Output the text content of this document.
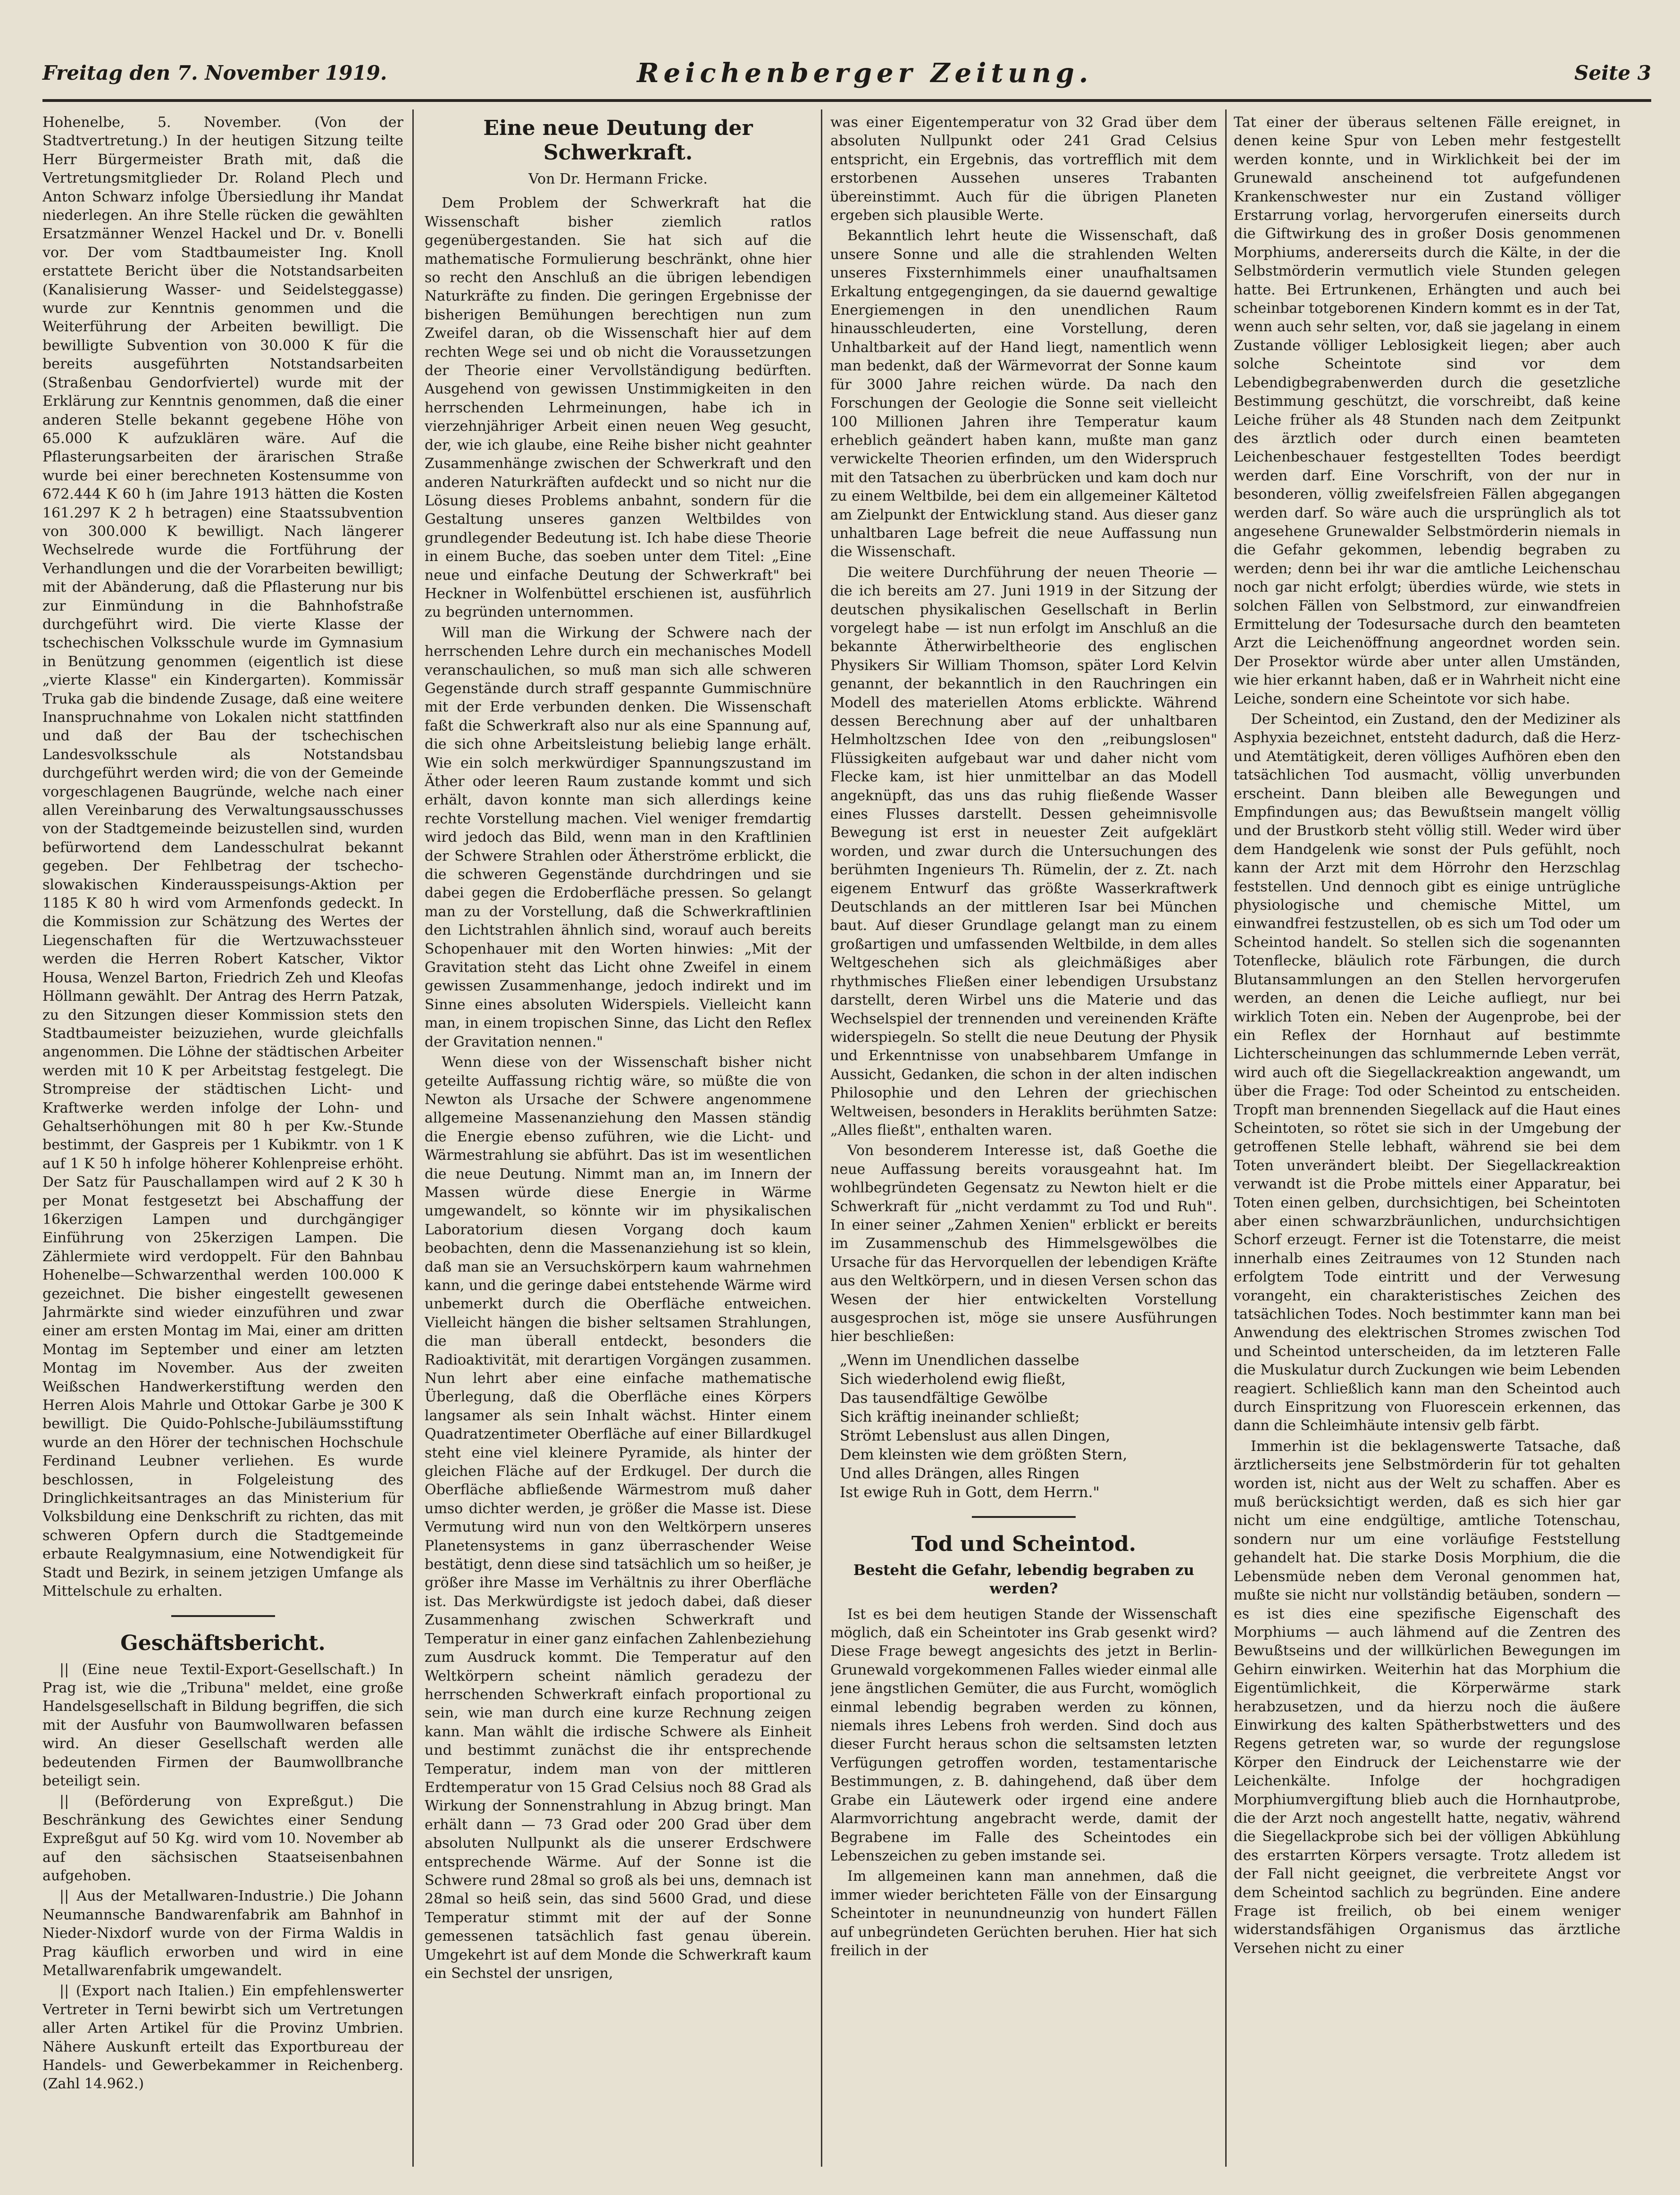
Freitag den 7. November 1919.	Reichenberger Zeitung.	Seite 3

Hohenelbe, 5. November. (Von der Stadtvertretung.) In der heutigen Sitzung teilte Herr Bürgermeister Brath mit, daß die Vertretungsmitglieder Dr. Roland Plech und Anton Schwarz infolge Übersiedlung ihr Mandat niederlegen. An ihre Stelle rücken die gewählten Ersatzmänner Wenzel Hackel und Dr. v. Bonelli vor. Der vom Stadtbaumeister Ing. Knoll erstattete Bericht über die Notstandsarbeiten (Kanalisierung Wasser- und Seidelsteggasse) wurde zur Kenntnis genommen und die Weiterführung der Arbeiten bewilligt. Die bewilligte Subvention von 30.000 K für die bereits ausgeführten Notstandsarbeiten (Straßenbau Gendorfviertel) wurde mit der Erklärung zur Kenntnis genommen, daß die einer anderen Stelle bekannt gegebene Höhe von 65.000 K aufzuklären wäre. Auf die Pflasterungsarbeiten der ärarischen Straße wurde bei einer berechneten Kostensumme von 672.444 K 60 h (im Jahre 1913 hätten die Kosten 161.297 K 2 h betragen) eine Staatssubvention von 300.000 K bewilligt. Nach längerer Wechselrede wurde die Fortführung der Verhandlungen und die der Vorarbeiten bewilligt; mit der Abänderung, daß die Pflasterung nur bis zur Einmündung in die Bahnhofstraße durchgeführt wird. Die vierte Klasse der tschechischen Volksschule wurde im Gymnasium in Benützung genommen (eigentlich ist diese „vierte Klasse" ein Kindergarten). Kommissär Truka gab die bindende Zusage, daß eine weitere Inanspruchnahme von Lokalen nicht stattfinden und daß der Bau der tschechischen Landesvolksschule als Notstandsbau durchgeführt werden wird; die von der Gemeinde vorgeschlagenen Baugründe, welche nach einer allen Vereinbarung des Verwaltungsausschusses von der Stadtgemeinde beizustellen sind, wurden befürwortend dem Landesschulrat bekannt gegeben. Der Fehlbetrag der tschecho-slowakischen Kinderausspeisungs-Aktion per 1185 K 80 h wird vom Armenfonds gedeckt. In die Kommission zur Schätzung des Wertes der Liegenschaften für die Wertzuwachssteuer werden die Herren Robert Katscher, Viktor Housa, Wenzel Barton, Friedrich Zeh und Kleofas Höllmann gewählt. Der Antrag des Herrn Patzak, zu den Sitzungen dieser Kommission stets den Stadtbaumeister beizuziehen, wurde gleichfalls angenommen. Die Löhne der städtischen Arbeiter werden mit 10 K per Arbeitstag festgelegt. Die Strompreise der städtischen Licht- und Kraftwerke werden infolge der Lohn- und Gehaltserhöhungen mit 80 h per Kw.-Stunde bestimmt, der Gaspreis per 1 Kubikmtr. von 1 K auf 1 K 50 h infolge höherer Kohlenpreise erhöht. Der Satz für Pauschallampen wird auf 2 K 30 h per Monat festgesetzt bei Abschaffung der 16kerzigen Lampen und durchgängiger Einführung von 25kerzigen Lampen. Die Zählermiete wird verdoppelt. Für den Bahnbau Hohenelbe—Schwarzenthal werden 100.000 K gezeichnet. Die bisher eingestellt gewesenen Jahrmärkte sind wieder einzuführen und zwar einer am ersten Montag im Mai, einer am dritten Montag im September und einer am letzten Montag im November. Aus der zweiten Weißschen Handwerkerstiftung werden den Herren Alois Mahrle und Ottokar Garbe je 300 K bewilligt. Die Quido-Pohlsche-Jubiläumsstiftung wurde an den Hörer der technischen Hochschule Ferdinand Leubner verliehen. Es wurde beschlossen, in Folgeleistung des Dringlichkeitsantrages an das Ministerium für Volksbildung eine Denkschrift zu richten, das mit schweren Opfern durch die Stadtgemeinde erbaute Realgymnasium, eine Notwendigkeit für Stadt und Bezirk, in seinem jetzigen Umfange als Mittelschule zu erhalten.

Geschäftsbericht.

|| (Eine neue Textil-Export-Gesellschaft.) In Prag ist, wie die „Tribuna" meldet, eine große Handelsgesellschaft in Bildung begriffen, die sich mit der Ausfuhr von Baumwollwaren befassen wird. An dieser Gesellschaft werden alle bedeutenden Firmen der Baumwollbranche beteiligt sein.

|| (Beförderung von Expreßgut.) Die Beschränkung des Gewichtes einer Sendung Expreßgut auf 50 Kg. wird vom 10. November ab auf den sächsischen Staatseisenbahnen aufgehoben.

|| Aus der Metallwaren-Industrie.) Die Johann Neumannsche Bandwarenfabrik am Bahnhof in Nieder-Nixdorf wurde von der Firma Waldis in Prag käuflich erworben und wird in eine Metallwarenfabrik umgewandelt.

|| (Export nach Italien.) Ein empfehlenswerter Vertreter in Terni bewirbt sich um Vertretungen aller Arten Artikel für die Provinz Umbrien. Nähere Auskunft erteilt das Exportbureau der Handels- und Gewerbekammer in Reichenberg. (Zahl 14.962.)

Eine neue Deutung der Schwerkraft.

Von Dr. Hermann Fricke.

Dem Problem der Schwerkraft hat die Wissenschaft bisher ziemlich ratlos gegenübergestanden. Sie hat sich auf die mathematische Formulierung beschränkt, ohne hier so recht den Anschluß an die übrigen lebendigen Naturkräfte zu finden. Die geringen Ergebnisse der bisherigen Bemühungen berechtigen nun zum Zweifel daran, ob die Wissenschaft hier auf dem rechten Wege sei und ob nicht die Voraussetzungen der Theorie einer Vervollständigung bedürften. Ausgehend von gewissen Unstimmigkeiten in den herrschenden Lehrmeinungen, habe ich in vierzehnjähriger Arbeit einen neuen Weg gesucht, der, wie ich glaube, eine Reihe bisher nicht geahnter Zusammenhänge zwischen der Schwerkraft und den anderen Naturkräften aufdeckt und so nicht nur die Lösung dieses Problems anbahnt, sondern für die Gestaltung unseres ganzen Weltbildes von grundlegender Bedeutung ist. Ich habe diese Theorie in einem Buche, das soeben unter dem Titel: „Eine neue und einfache Deutung der Schwerkraft" bei Heckner in Wolfenbüttel erschienen ist, ausführlich zu begründen unternommen.

Will man die Wirkung der Schwere nach der herrschenden Lehre durch ein mechanisches Modell veranschaulichen, so muß man sich alle schweren Gegenstände durch straff gespannte Gummischnüre mit der Erde verbunden denken. Die Wissenschaft faßt die Schwerkraft also nur als eine Spannung auf, die sich ohne Arbeitsleistung beliebig lange erhält. Wie ein solch merkwürdiger Spannungszustand im Äther oder leeren Raum zustande kommt und sich erhält, davon konnte man sich allerdings keine rechte Vorstellung machen. Viel weniger fremdartig wird jedoch das Bild, wenn man in den Kraftlinien der Schwere Strahlen oder Ätherströme erblickt, die die schweren Gegenstände durchdringen und sie dabei gegen die Erdoberfläche pressen. So gelangt man zu der Vorstellung, daß die Schwerkraftlinien den Lichtstrahlen ähnlich sind, worauf auch bereits Schopenhauer mit den Worten hinwies: „Mit der Gravitation steht das Licht ohne Zweifel in einem gewissen Zusammenhange, jedoch indirekt und im Sinne eines absoluten Widerspiels. Vielleicht kann man, in einem tropischen Sinne, das Licht den Reflex der Gravitation nennen."

Wenn diese von der Wissenschaft bisher nicht geteilte Auffassung richtig wäre, so müßte die von Newton als Ursache der Schwere angenommene allgemeine Massenanziehung den Massen ständig die Energie ebenso zuführen, wie die Licht- und Wärmestrahlung sie abführt. Das ist im wesentlichen die neue Deutung. Nimmt man an, im Innern der Massen würde diese Energie in Wärme umgewandelt, so könnte wir im physikalischen Laboratorium diesen Vorgang doch kaum beobachten, denn die Massenanziehung ist so klein, daß man sie an Versuchskörpern kaum wahrnehmen kann, und die geringe dabei entstehende Wärme wird unbemerkt durch die Oberfläche entweichen. Vielleicht hängen die bisher seltsamen Strahlungen, die man überall entdeckt, besonders die Radioaktivität, mit derartigen Vorgängen zusammen. Nun lehrt aber eine einfache mathematische Überlegung, daß die Oberfläche eines Körpers langsamer als sein Inhalt wächst. Hinter einem Quadratzentimeter Oberfläche auf einer Billardkugel steht eine viel kleinere Pyramide, als hinter der gleichen Fläche auf der Erdkugel. Der durch die Oberfläche abfließende Wärmestrom muß daher umso dichter werden, je größer die Masse ist. Diese Vermutung wird nun von den Weltkörpern unseres Planetensystems in ganz überraschender Weise bestätigt, denn diese sind tatsächlich um so heißer, je größer ihre Masse im Verhältnis zu ihrer Oberfläche ist. Das Merkwürdigste ist jedoch dabei, daß dieser Zusammenhang zwischen Schwerkraft und Temperatur in einer ganz einfachen Zahlenbeziehung zum Ausdruck kommt. Die Temperatur auf den Weltkörpern scheint nämlich geradezu der herrschenden Schwerkraft einfach proportional zu sein, wie man durch eine kurze Rechnung zeigen kann. Man wählt die irdische Schwere als Einheit und bestimmt zunächst die ihr entsprechende Temperatur, indem man von der mittleren Erdtemperatur von 15 Grad Celsius noch 88 Grad als Wirkung der Sonnenstrahlung in Abzug bringt. Man erhält dann — 73 Grad oder 200 Grad über dem absoluten Nullpunkt als die unserer Erdschwere entsprechende Wärme. Auf der Sonne ist die Schwere rund 28mal so groß als bei uns, demnach ist 28mal so heiß sein, das sind 5600 Grad, und diese Temperatur stimmt mit der auf der Sonne gemessenen tatsächlich fast genau überein. Umgekehrt ist auf dem Monde die Schwerkraft kaum ein Sechstel der unsrigen,

was einer Eigentemperatur von 32 Grad über dem absoluten Nullpunkt oder 241 Grad Celsius entspricht, ein Ergebnis, das vortrefflich mit dem erstorbenen Aussehen unseres Trabanten übereinstimmt. Auch für die übrigen Planeten ergeben sich plausible Werte.

Bekanntlich lehrt heute die Wissenschaft, daß unsere Sonne und alle die strahlenden Welten unseres Fixsternhimmels einer unaufhaltsamen Erkaltung entgegengingen, da sie dauernd gewaltige Energiemengen in den unendlichen Raum hinausschleuderten, eine Vorstellung, deren Unhaltbarkeit auf der Hand liegt, namentlich wenn man bedenkt, daß der Wärmevorrat der Sonne kaum für 3000 Jahre reichen würde. Da nach den Forschungen der Geologie die Sonne seit vielleicht 100 Millionen Jahren ihre Temperatur kaum erheblich geändert haben kann, mußte man ganz verwickelte Theorien erfinden, um den Widerspruch mit den Tatsachen zu überbrücken und kam doch nur zu einem Weltbilde, bei dem ein allgemeiner Kältetod am Zielpunkt der Entwicklung stand. Aus dieser ganz unhaltbaren Lage befreit die neue Auffassung nun die Wissenschaft.

Die weitere Durchführung der neuen Theorie — die ich bereits am 27. Juni 1919 in der Sitzung der deutschen physikalischen Gesellschaft in Berlin vorgelegt habe — ist nun erfolgt im Anschluß an die bekannte Ätherwirbeltheorie des englischen Physikers Sir William Thomson, später Lord Kelvin genannt, der bekanntlich in den Rauchringen ein Modell des materiellen Atoms erblickte. Während dessen Berechnung aber auf der unhaltbaren Helmholtzschen Idee von den „reibungslosen" Flüssigkeiten aufgebaut war und daher nicht vom Flecke kam, ist hier unmittelbar an das Modell angeknüpft, das uns das ruhig fließende Wasser eines Flusses darstellt. Dessen geheimnisvolle Bewegung ist erst in neuester Zeit aufgeklärt worden, und zwar durch die Untersuchungen des berühmten Ingenieurs Th. Rümelin, der z. Zt. nach eigenem Entwurf das größte Wasserkraftwerk Deutschlands an der mittleren Isar bei München baut. Auf dieser Grundlage gelangt man zu einem großartigen und umfassenden Weltbilde, in dem alles Weltgeschehen sich als gleichmäßiges aber rhythmisches Fließen einer lebendigen Ursubstanz darstellt, deren Wirbel uns die Materie und das Wechselspiel der trennenden und vereinenden Kräfte widerspiegeln. So stellt die neue Deutung der Physik und Erkenntnisse von unabsehbarem Umfange in Aussicht, Gedanken, die schon in der alten indischen Philosophie und den Lehren der griechischen Weltweisen, besonders in Heraklits berühmten Satze: „Alles fließt", enthalten waren.

Von besonderem Interesse ist, daß Goethe die neue Auffassung bereits vorausgeahnt hat. Im wohlbegründeten Gegensatz zu Newton hielt er die Schwerkraft für „nicht verdammt zu Tod und Ruh". In einer seiner „Zahmen Xenien" erblickt er bereits im Zusammenschub des Himmelsgewölbes die Ursache für das Hervorquellen der lebendigen Kräfte aus den Weltkörpern, und in diesen Versen schon das Wesen der hier entwickelten Vorstellung ausgesprochen ist, möge sie unsere Ausführungen hier beschließen:

„Wenn im Unendlichen dasselbe
Sich wiederholend ewig fließt,
Das tausendfältige Gewölbe
Sich kräftig ineinander schließt;
Strömt Lebenslust aus allen Dingen,
Dem kleinsten wie dem größten Stern,
Und alles Drängen, alles Ringen
Ist ewige Ruh in Gott, dem Herrn."
Tod und Scheintod.
Besteht die Gefahr, lebendig begraben zu werden?

Ist es bei dem heutigen Stande der Wissenschaft möglich, daß ein Scheintoter ins Grab gesenkt wird? Diese Frage bewegt angesichts des jetzt in Berlin-Grunewald vorgekommenen Falles wieder einmal alle jene ängstlichen Gemüter, die aus Furcht, womöglich einmal lebendig begraben werden zu können, niemals ihres Lebens froh werden. Sind doch aus dieser Furcht heraus schon die seltsamsten letzten Verfügungen getroffen worden, testamentarische Bestimmungen, z. B. dahingehend, daß über dem Grabe ein Läutewerk oder irgend eine andere Alarmvorrichtung angebracht werde, damit der Begrabene im Falle des Scheintodes ein Lebenszeichen zu geben imstande sei.

Im allgemeinen kann man annehmen, daß die immer wieder berichteten Fälle von der Einsargung Scheintoter in neunundneunzig von hundert Fällen auf unbegründeten Gerüchten beruhen. Hier hat sich freilich in der

Tat einer der überaus seltenen Fälle ereignet, in denen keine Spur von Leben mehr festgestellt werden konnte, und in Wirklichkeit bei der im Grunewald anscheinend tot aufgefundenen Krankenschwester nur ein Zustand völliger Erstarrung vorlag, hervorgerufen einerseits durch die Giftwirkung des in großer Dosis genommenen Morphiums, andererseits durch die Kälte, in der die Selbstmörderin vermutlich viele Stunden gelegen hatte. Bei Ertrunkenen, Erhängten und auch bei scheinbar totgeborenen Kindern kommt es in der Tat, wenn auch sehr selten, vor, daß sie jagelang in einem Zustande völliger Leblosigkeit liegen; aber auch solche Scheintote sind vor dem Lebendigbegrabenwerden durch die gesetzliche Bestimmung geschützt, die vorschreibt, daß keine Leiche früher als 48 Stunden nach dem Zeitpunkt des ärztlich oder durch einen beamteten Leichenbeschauer festgestellten Todes beerdigt werden darf. Eine Vorschrift, von der nur in besonderen, völlig zweifelsfreien Fällen abgegangen werden darf. So wäre auch die ursprünglich als tot angesehene Grunewalder Selbstmörderin niemals in die Gefahr gekommen, lebendig begraben zu werden; denn bei ihr war die amtliche Leichenschau noch gar nicht erfolgt; überdies würde, wie stets in solchen Fällen von Selbstmord, zur einwandfreien Ermittelung der Todesursache durch den beamteten Arzt die Leichenöffnung angeordnet worden sein. Der Prosektor würde aber unter allen Umständen, wie hier erkannt haben, daß er in Wahrheit nicht eine Leiche, sondern eine Scheintote vor sich habe.

Der Scheintod, ein Zustand, den der Mediziner als Asphyxia bezeichnet, entsteht dadurch, daß die Herz- und Atemtätigkeit, deren völliges Aufhören eben den tatsächlichen Tod ausmacht, völlig unverbunden erscheint. Dann bleiben alle Bewegungen und Empfindungen aus; das Bewußtsein mangelt völlig und der Brustkorb steht völlig still. Weder wird über dem Handgelenk wie sonst der Puls gefühlt, noch kann der Arzt mit dem Hörrohr den Herzschlag feststellen. Und dennoch gibt es einige untrügliche physiologische und chemische Mittel, um einwandfrei festzustellen, ob es sich um Tod oder um Scheintod handelt. So stellen sich die sogenannten Totenflecke, bläulich rote Färbungen, die durch Blutansammlungen an den Stellen hervorgerufen werden, an denen die Leiche aufliegt, nur bei wirklich Toten ein. Neben der Augenprobe, bei der ein Reflex der Hornhaut auf bestimmte Lichterscheinungen das schlummernde Leben verrät, wird auch oft die Siegellackreaktion angewandt, um über die Frage: Tod oder Scheintod zu entscheiden. Tropft man brennenden Siegellack auf die Haut eines Scheintoten, so rötet sie sich in der Umgebung der getroffenen Stelle lebhaft, während sie bei dem Toten unverändert bleibt. Der Siegellackreaktion verwandt ist die Probe mittels einer Apparatur, bei Toten einen gelben, durchsichtigen, bei Scheintoten aber einen schwarzbräunlichen, undurchsichtigen Schorf erzeugt. Ferner ist die Totenstarre, die meist innerhalb eines Zeitraumes von 12 Stunden nach erfolgtem Tode eintritt und der Verwesung vorangeht, ein charakteristisches Zeichen des tatsächlichen Todes. Noch bestimmter kann man bei Anwendung des elektrischen Stromes zwischen Tod und Scheintod unterscheiden, da im letzteren Falle die Muskulatur durch Zuckungen wie beim Lebenden reagiert. Schließlich kann man den Scheintod auch durch Einspritzung von Fluorescein erkennen, das dann die Schleimhäute intensiv gelb färbt.

Immerhin ist die beklagenswerte Tatsache, daß ärztlicherseits jene Selbstmörderin für tot gehalten worden ist, nicht aus der Welt zu schaffen. Aber es muß berücksichtigt werden, daß es sich hier gar nicht um eine endgültige, amtliche Totenschau, sondern nur um eine vorläufige Feststellung gehandelt hat. Die starke Dosis Morphium, die die Lebensmüde neben dem Veronal genommen hat, mußte sie nicht nur vollständig betäuben, sondern — es ist dies eine spezifische Eigenschaft des Morphiums — auch lähmend auf die Zentren des Bewußtseins und der willkürlichen Bewegungen im Gehirn einwirken. Weiterhin hat das Morphium die Eigentümlichkeit, die Körperwärme stark herabzusetzen, und da hierzu noch die äußere Einwirkung des kalten Spätherbstwetters und des Regens getreten war, so wurde der regungslose Körper den Eindruck der Leichenstarre wie der Leichenkälte. Infolge der hochgradigen Morphiumvergiftung blieb auch die Hornhautprobe, die der Arzt noch angestellt hatte, negativ, während die Siegellackprobe sich bei der völligen Abkühlung des erstarrten Körpers versagte. Trotz alledem ist der Fall nicht geeignet, die verbreitete Angst vor dem Scheintod sachlich zu begründen. Eine andere Frage ist freilich, ob bei einem weniger widerstandsfähigen Organismus das ärztliche Versehen nicht zu einer
